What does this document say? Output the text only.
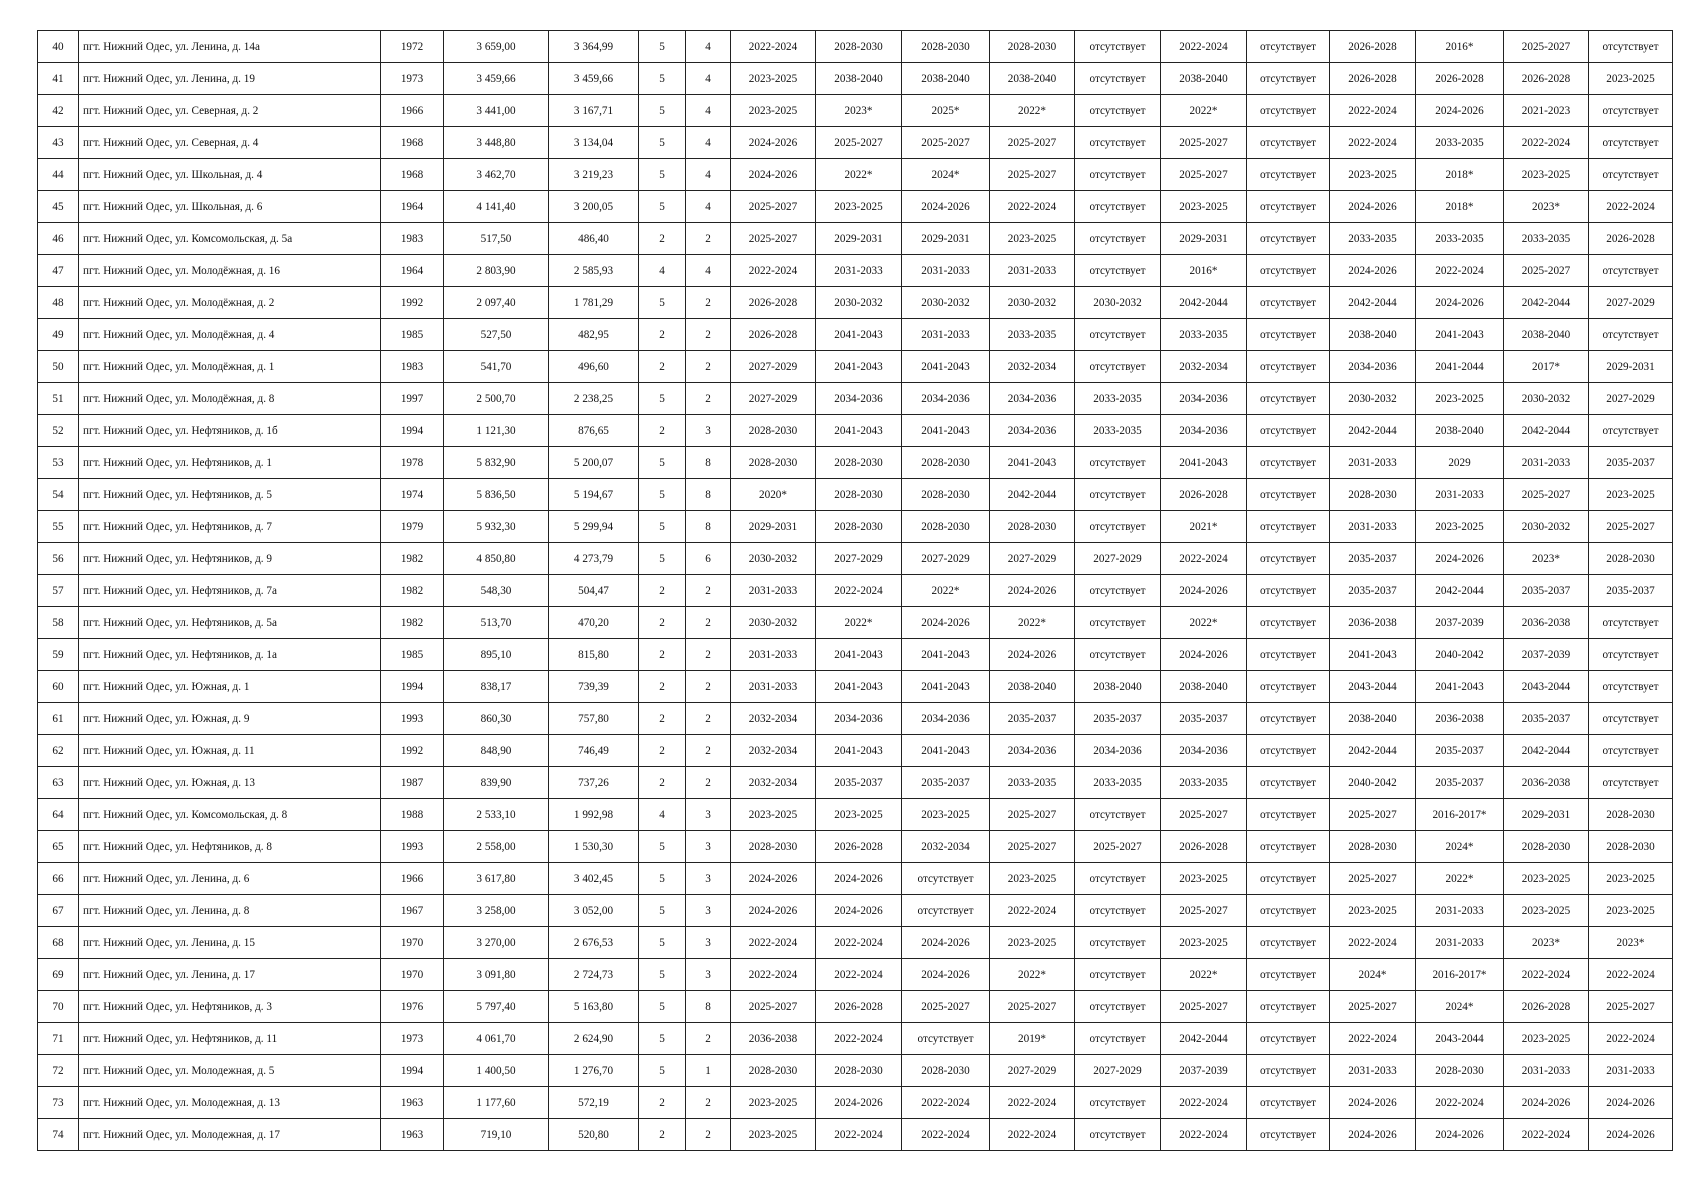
40	пгт. Нижний Одес, ул. Ленина, д. 14а	1972	3 659,00	3 364,99	5	4	2022-2024	2028-2030	2028-2030	2028-2030	отсутствует	2022-2024	отсутствует	2026-2028	2016*	2025-2027	отсутствует
41	пгт. Нижний Одес, ул. Ленина, д. 19	1973	3 459,66	3 459,66	5	4	2023-2025	2038-2040	2038-2040	2038-2040	отсутствует	2038-2040	отсутствует	2026-2028	2026-2028	2026-2028	2023-2025
42	пгт. Нижний Одес, ул. Северная, д. 2	1966	3 441,00	3 167,71	5	4	2023-2025	2023*	2025*	2022*	отсутствует	2022*	отсутствует	2022-2024	2024-2026	2021-2023	отсутствует
43	пгт. Нижний Одес, ул. Северная, д. 4	1968	3 448,80	3 134,04	5	4	2024-2026	2025-2027	2025-2027	2025-2027	отсутствует	2025-2027	отсутствует	2022-2024	2033-2035	2022-2024	отсутствует
44	пгт. Нижний Одес, ул. Школьная, д. 4	1968	3 462,70	3 219,23	5	4	2024-2026	2022*	2024*	2025-2027	отсутствует	2025-2027	отсутствует	2023-2025	2018*	2023-2025	отсутствует
45	пгт. Нижний Одес, ул. Школьная, д. 6	1964	4 141,40	3 200,05	5	4	2025-2027	2023-2025	2024-2026	2022-2024	отсутствует	2023-2025	отсутствует	2024-2026	2018*	2023*	2022-2024
46	пгт. Нижний Одес, ул. Комсомольская, д. 5а	1983	517,50	486,40	2	2	2025-2027	2029-2031	2029-2031	2023-2025	отсутствует	2029-2031	отсутствует	2033-2035	2033-2035	2033-2035	2026-2028
47	пгт. Нижний Одес, ул. Молодёжная, д. 16	1964	2 803,90	2 585,93	4	4	2022-2024	2031-2033	2031-2033	2031-2033	отсутствует	2016*	отсутствует	2024-2026	2022-2024	2025-2027	отсутствует
48	пгт. Нижний Одес, ул. Молодёжная, д. 2	1992	2 097,40	1 781,29	5	2	2026-2028	2030-2032	2030-2032	2030-2032	2030-2032	2042-2044	отсутствует	2042-2044	2024-2026	2042-2044	2027-2029
49	пгт. Нижний Одес, ул. Молодёжная, д. 4	1985	527,50	482,95	2	2	2026-2028	2041-2043	2031-2033	2033-2035	отсутствует	2033-2035	отсутствует	2038-2040	2041-2043	2038-2040	отсутствует
50	пгт. Нижний Одес, ул. Молодёжная, д. 1	1983	541,70	496,60	2	2	2027-2029	2041-2043	2041-2043	2032-2034	отсутствует	2032-2034	отсутствует	2034-2036	2041-2044	2017*	2029-2031
51	пгт. Нижний Одес, ул. Молодёжная, д. 8	1997	2 500,70	2 238,25	5	2	2027-2029	2034-2036	2034-2036	2034-2036	2033-2035	2034-2036	отсутствует	2030-2032	2023-2025	2030-2032	2027-2029
52	пгт. Нижний Одес, ул. Нефтяников, д. 1б	1994	1 121,30	876,65	2	3	2028-2030	2041-2043	2041-2043	2034-2036	2033-2035	2034-2036	отсутствует	2042-2044	2038-2040	2042-2044	отсутствует
53	пгт. Нижний Одес, ул. Нефтяников, д. 1	1978	5 832,90	5 200,07	5	8	2028-2030	2028-2030	2028-2030	2041-2043	отсутствует	2041-2043	отсутствует	2031-2033	2029	2031-2033	2035-2037
54	пгт. Нижний Одес, ул. Нефтяников, д. 5	1974	5 836,50	5 194,67	5	8	2020*	2028-2030	2028-2030	2042-2044	отсутствует	2026-2028	отсутствует	2028-2030	2031-2033	2025-2027	2023-2025
55	пгт. Нижний Одес, ул. Нефтяников, д. 7	1979	5 932,30	5 299,94	5	8	2029-2031	2028-2030	2028-2030	2028-2030	отсутствует	2021*	отсутствует	2031-2033	2023-2025	2030-2032	2025-2027
56	пгт. Нижний Одес, ул. Нефтяников, д. 9	1982	4 850,80	4 273,79	5	6	2030-2032	2027-2029	2027-2029	2027-2029	2027-2029	2022-2024	отсутствует	2035-2037	2024-2026	2023*	2028-2030
57	пгт. Нижний Одес, ул. Нефтяников, д. 7а	1982	548,30	504,47	2	2	2031-2033	2022-2024	2022*	2024-2026	отсутствует	2024-2026	отсутствует	2035-2037	2042-2044	2035-2037	2035-2037
58	пгт. Нижний Одес, ул. Нефтяников, д. 5а	1982	513,70	470,20	2	2	2030-2032	2022*	2024-2026	2022*	отсутствует	2022*	отсутствует	2036-2038	2037-2039	2036-2038	отсутствует
59	пгт. Нижний Одес, ул. Нефтяников, д. 1а	1985	895,10	815,80	2	2	2031-2033	2041-2043	2041-2043	2024-2026	отсутствует	2024-2026	отсутствует	2041-2043	2040-2042	2037-2039	отсутствует
60	пгт. Нижний Одес, ул. Южная, д. 1	1994	838,17	739,39	2	2	2031-2033	2041-2043	2041-2043	2038-2040	2038-2040	2038-2040	отсутствует	2043-2044	2041-2043	2043-2044	отсутствует
61	пгт. Нижний Одес, ул. Южная, д. 9	1993	860,30	757,80	2	2	2032-2034	2034-2036	2034-2036	2035-2037	2035-2037	2035-2037	отсутствует	2038-2040	2036-2038	2035-2037	отсутствует
62	пгт. Нижний Одес, ул. Южная, д. 11	1992	848,90	746,49	2	2	2032-2034	2041-2043	2041-2043	2034-2036	2034-2036	2034-2036	отсутствует	2042-2044	2035-2037	2042-2044	отсутствует
63	пгт. Нижний Одес, ул. Южная, д. 13	1987	839,90	737,26	2	2	2032-2034	2035-2037	2035-2037	2033-2035	2033-2035	2033-2035	отсутствует	2040-2042	2035-2037	2036-2038	отсутствует
64	пгт. Нижний Одес, ул. Комсомольская, д. 8	1988	2 533,10	1 992,98	4	3	2023-2025	2023-2025	2023-2025	2025-2027	отсутствует	2025-2027	отсутствует	2025-2027	2016-2017*	2029-2031	2028-2030
65	пгт. Нижний Одес, ул. Нефтяников, д. 8	1993	2 558,00	1 530,30	5	3	2028-2030	2026-2028	2032-2034	2025-2027	2025-2027	2026-2028	отсутствует	2028-2030	2024*	2028-2030	2028-2030
66	пгт. Нижний Одес, ул. Ленина, д. 6	1966	3 617,80	3 402,45	5	3	2024-2026	2024-2026	отсутствует	2023-2025	отсутствует	2023-2025	отсутствует	2025-2027	2022*	2023-2025	2023-2025
67	пгт. Нижний Одес, ул. Ленина, д. 8	1967	3 258,00	3 052,00	5	3	2024-2026	2024-2026	отсутствует	2022-2024	отсутствует	2025-2027	отсутствует	2023-2025	2031-2033	2023-2025	2023-2025
68	пгт. Нижний Одес, ул. Ленина, д. 15	1970	3 270,00	2 676,53	5	3	2022-2024	2022-2024	2024-2026	2023-2025	отсутствует	2023-2025	отсутствует	2022-2024	2031-2033	2023*	2023*
69	пгт. Нижний Одес, ул. Ленина, д. 17	1970	3 091,80	2 724,73	5	3	2022-2024	2022-2024	2024-2026	2022*	отсутствует	2022*	отсутствует	2024*	2016-2017*	2022-2024	2022-2024
70	пгт. Нижний Одес, ул. Нефтяников, д. 3	1976	5 797,40	5 163,80	5	8	2025-2027	2026-2028	2025-2027	2025-2027	отсутствует	2025-2027	отсутствует	2025-2027	2024*	2026-2028	2025-2027
71	пгт. Нижний Одес, ул. Нефтяников, д. 11	1973	4 061,70	2 624,90	5	2	2036-2038	2022-2024	отсутствует	2019*	отсутствует	2042-2044	отсутствует	2022-2024	2043-2044	2023-2025	2022-2024
72	пгт. Нижний Одес, ул. Молодежная, д. 5	1994	1 400,50	1 276,70	5	1	2028-2030	2028-2030	2028-2030	2027-2029	2027-2029	2037-2039	отсутствует	2031-2033	2028-2030	2031-2033	2031-2033
73	пгт. Нижний Одес, ул. Молодежная, д. 13	1963	1 177,60	572,19	2	2	2023-2025	2024-2026	2022-2024	2022-2024	отсутствует	2022-2024	отсутствует	2024-2026	2022-2024	2024-2026	2024-2026
74	пгт. Нижний Одес, ул. Молодежная, д. 17	1963	719,10	520,80	2	2	2023-2025	2022-2024	2022-2024	2022-2024	отсутствует	2022-2024	отсутствует	2024-2026	2024-2026	2022-2024	2024-2026
